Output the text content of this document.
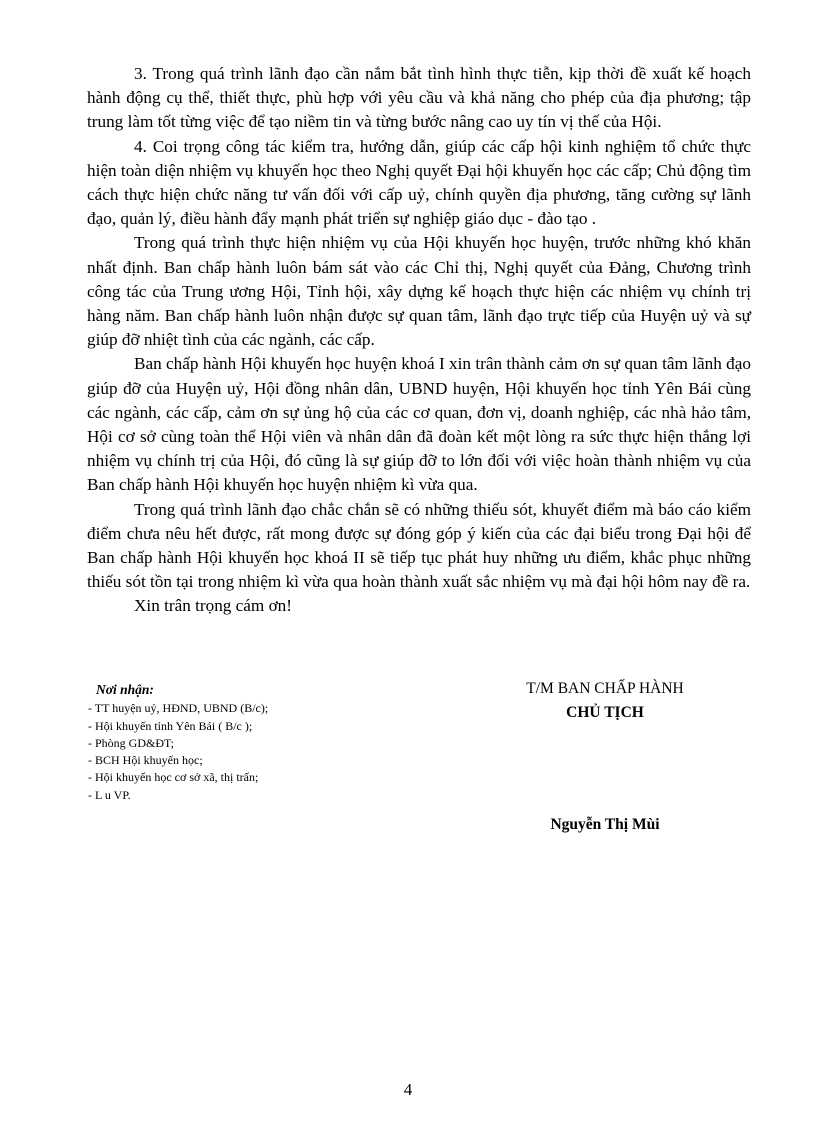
3. Trong quá trình lãnh đạo cần nắm bắt tình hình thực tiễn, kịp thời đề xuất kế hoạch hành động cụ thể, thiết thực, phù hợp với yêu cầu và khả năng cho phép của địa phương; tập trung làm tốt từng việc để tạo niềm tin và từng bước nâng cao uy tín vị thế của Hội.

4. Coi trọng công tác kiểm tra, hướng dẫn, giúp các cấp hội kinh nghiệm tổ chức thực hiện toàn diện nhiệm vụ khuyến học theo Nghị quyết Đại hội khuyến học các cấp; Chủ động tìm cách thực hiện chức năng tư vấn đối với cấp uỷ, chính quyền địa phương, tăng cường sự lãnh đạo, quản lý, điều hành đẩy mạnh phát triển sự nghiệp giáo dục - đào tạo .

Trong quá trình thực hiện nhiệm vụ của Hội khuyến học huyện, trước những khó khăn nhất định. Ban chấp hành luôn bám sát vào các Chỉ thị, Nghị quyết của Đảng, Chương trình công tác của Trung ương Hội, Tỉnh hội, xây dựng kế hoạch thực hiện các nhiệm vụ chính trị hàng năm. Ban chấp hành luôn nhận được sự quan tâm, lãnh đạo trực tiếp của Huyện uỷ và sự giúp đỡ nhiệt tình của các ngành, các cấp.

Ban chấp hành Hội khuyến học huyện khoá I xin trân thành cảm ơn sự quan tâm lãnh đạo giúp đỡ của Huyện uỷ, Hội đồng nhân dân, UBND huyện, Hội khuyến học tỉnh Yên Bái cùng các ngành, các cấp, cảm ơn sự ủng hộ của các cơ quan, đơn vị, doanh nghiệp, các nhà hảo tâm, Hội cơ sở cùng toàn thể Hội viên và nhân dân đã đoàn kết một lòng ra sức thực hiện thắng lợi nhiệm vụ chính trị của Hội, đó cũng là sự giúp đỡ to lớn đối với việc hoàn thành nhiệm vụ của Ban chấp hành Hội khuyến học huyện nhiệm kì vừa qua.

Trong quá trình lãnh đạo chắc chắn sẽ có những thiếu sót, khuyết điểm mà báo cáo kiểm điểm chưa nêu hết được, rất mong được sự đóng góp ý kiến của các đại biểu trong Đại hội để Ban chấp hành Hội khuyến học khoá II sẽ tiếp tục phát huy những ưu điểm, khắc phục những thiếu sót tồn tại trong nhiệm kì vừa qua hoàn thành xuất sắc nhiệm vụ mà đại hội hôm nay đề ra.

Xin trân trọng cám ơn!

Nơi nhận:
- TT huyện uỷ, HĐND, UBND (B/c);
- Hội khuyến tỉnh Yên Bái ( B/c );
- Phòng GD&ĐT;
- BCH Hội khuyến học;
- Hội khuyến học cơ sở xã, thị trấn;
- L u VP.
T/M BAN CHẤP HÀNH
CHỦ TỊCH
Nguyễn Thị Mùi
4
